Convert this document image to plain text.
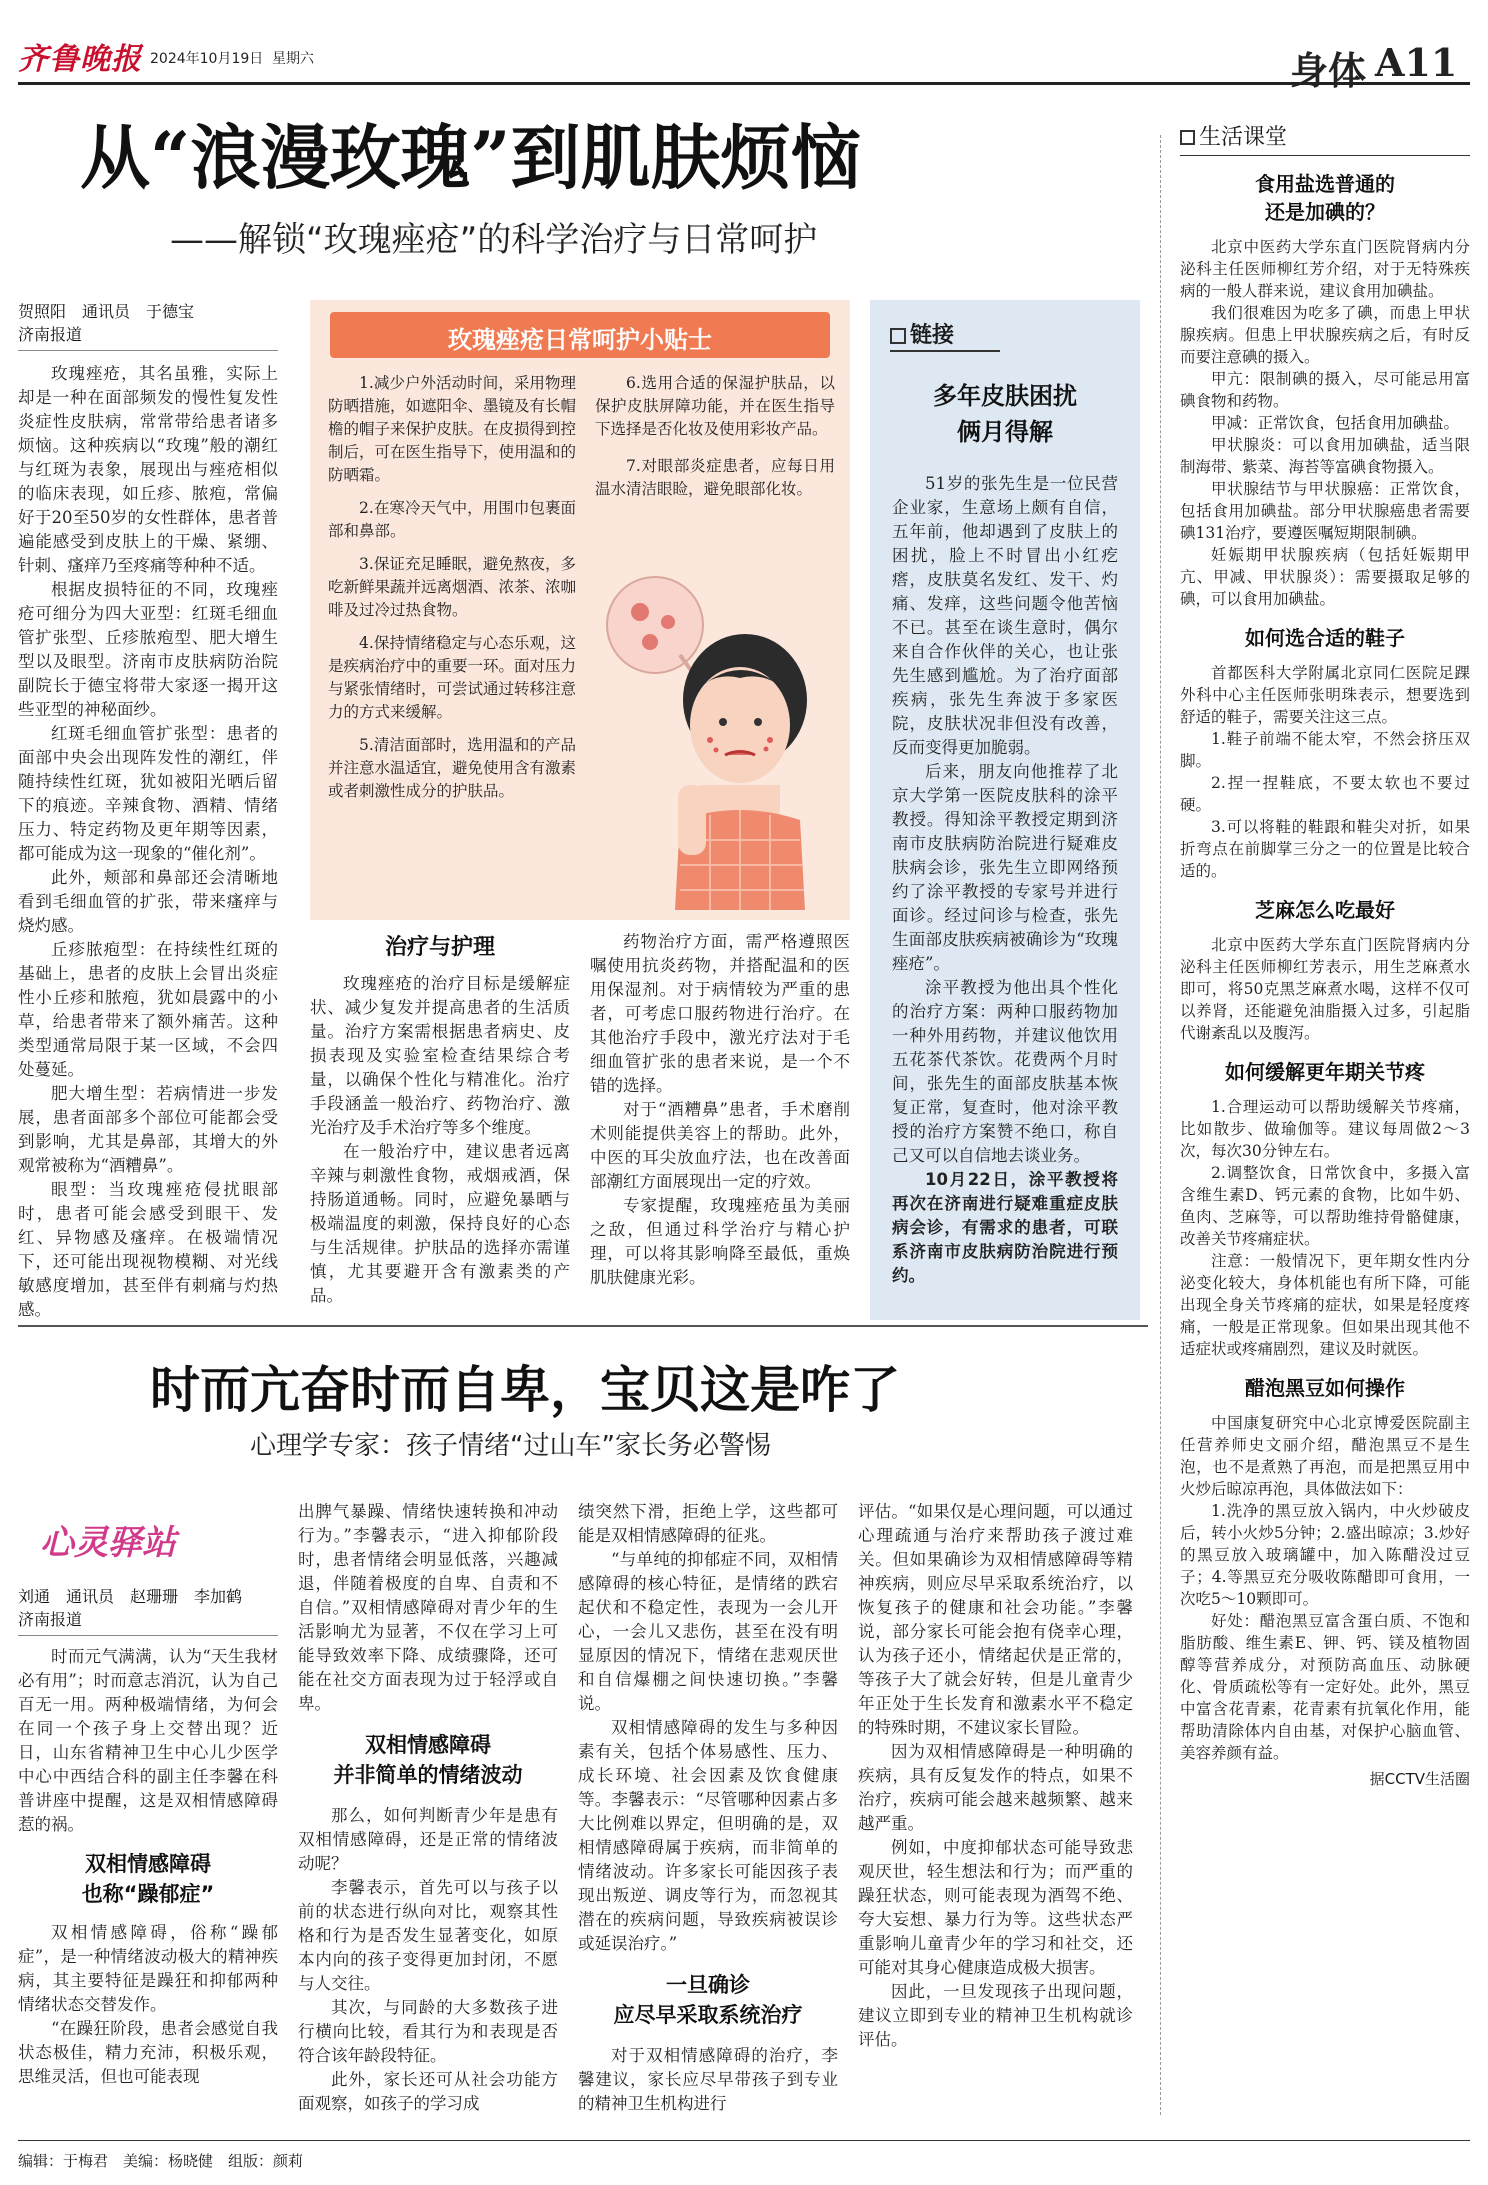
齐鲁晚报 2024年10月19日 星期六	身体 A11
从“浪漫玫瑰”到肌肤烦恼
——解锁“玫瑰痤疮”的科学治疗与日常呵护
贺照阳　通讯员　于德宝
济南报道

玫瑰痤疮，其名虽雅，实际上却是一种在面部频发的慢性复发性炎症性皮肤病，常常带给患者诸多烦恼。这种疾病以“玫瑰”般的潮红与红斑为表象，展现出与痤疮相似的临床表现，如丘疹、脓疱，常偏好于20至50岁的女性群体，患者普遍能感受到皮肤上的干燥、紧绷、针刺、瘙痒乃至疼痛等种种不适。

根据皮损特征的不同，玫瑰痤疮可细分为四大亚型：红斑毛细血管扩张型、丘疹脓疱型、肥大增生型以及眼型。济南市皮肤病防治院副院长于德宝将带大家逐一揭开这些亚型的神秘面纱。

红斑毛细血管扩张型：患者的面部中央会出现阵发性的潮红，伴随持续性红斑，犹如被阳光晒后留下的痕迹。辛辣食物、酒精、情绪压力、特定药物及更年期等因素，都可能成为这一现象的“催化剂”。

此外，颊部和鼻部还会清晰地看到毛细血管的扩张，带来瘙痒与烧灼感。

丘疹脓疱型：在持续性红斑的基础上，患者的皮肤上会冒出炎症性小丘疹和脓疱，犹如晨露中的小草，给患者带来了额外痛苦。这种类型通常局限于某一区域，不会四处蔓延。

肥大增生型：若病情进一步发展，患者面部多个部位可能都会受到影响，尤其是鼻部，其增大的外观常被称为“酒糟鼻”。

眼型：当玫瑰痤疮侵扰眼部时，患者可能会感受到眼干、发红、异物感及瘙痒。在极端情况下，还可能出现视物模糊、对光线敏感度增加，甚至伴有刺痛与灼热感。

玫瑰痤疮日常呵护小贴士

1.减少户外活动时间，采用物理防晒措施，如遮阳伞、墨镜及有长帽檐的帽子来保护皮肤。在皮损得到控制后，可在医生指导下，使用温和的防晒霜。

2.在寒冷天气中，用围巾包裹面部和鼻部。

3.保证充足睡眠，避免熬夜，多吃新鲜果蔬并远离烟酒、浓茶、浓咖啡及过冷过热食物。

4.保持情绪稳定与心态乐观，这是疾病治疗中的重要一环。面对压力与紧张情绪时，可尝试通过转移注意力的方式来缓解。

5.清洁面部时，选用温和的产品并注意水温适宜，避免使用含有激素或者刺激性成分的护肤品。

6.选用合适的保湿护肤品，以保护皮肤屏障功能，并在医生指导下选择是否化妆及使用彩妆产品。

7.对眼部炎症患者，应每日用温水清洁眼睑，避免眼部化妆。

治疗与护理

玫瑰痤疮的治疗目标是缓解症状、减少复发并提高患者的生活质量。治疗方案需根据患者病史、皮损表现及实验室检查结果综合考量，以确保个性化与精准化。治疗手段涵盖一般治疗、药物治疗、激光治疗及手术治疗等多个维度。

在一般治疗中，建议患者远离辛辣与刺激性食物，戒烟戒酒，保持肠道通畅。同时，应避免暴晒与极端温度的刺激，保持良好的心态与生活规律。护肤品的选择亦需谨慎，尤其要避开含有激素类的产品。

药物治疗方面，需严格遵照医嘱使用抗炎药物，并搭配温和的医用保湿剂。对于病情较为严重的患者，可考虑口服药物进行治疗。在其他治疗手段中，激光疗法对于毛细血管扩张的患者来说，是一个不错的选择。

对于“酒糟鼻”患者，手术磨削术则能提供美容上的帮助。此外，中医的耳尖放血疗法，也在改善面部潮红方面展现出一定的疗效。

专家提醒，玫瑰痤疮虽为美丽之敌，但通过科学治疗与精心护理，可以将其影响降至最低，重焕肌肤健康光彩。

链接
多年皮肤困扰
俩月得解

51岁的张先生是一位民营企业家，生意场上颇有自信，五年前，他却遇到了皮肤上的困扰，脸上不时冒出小红疙瘩，皮肤莫名发红、发干、灼痛、发痒，这些问题令他苦恼不已。甚至在谈生意时，偶尔来自合作伙伴的关心，也让张先生感到尴尬。为了治疗面部疾病，张先生奔波于多家医院，皮肤状况非但没有改善，反而变得更加脆弱。

后来，朋友向他推荐了北京大学第一医院皮肤科的涂平教授。得知涂平教授定期到济南市皮肤病防治院进行疑难皮肤病会诊，张先生立即网络预约了涂平教授的专家号并进行面诊。经过问诊与检查，张先生面部皮肤疾病被确诊为“玫瑰痤疮”。

涂平教授为他出具个性化的治疗方案：两种口服药物加一种外用药物，并建议他饮用五花茶代茶饮。花费两个月时间，张先生的面部皮肤基本恢复正常，复查时，他对涂平教授的治疗方案赞不绝口，称自己又可以自信地去谈业务。

10月22日，涂平教授将再次在济南进行疑难重症皮肤病会诊，有需求的患者，可联系济南市皮肤病防治院进行预约。

时而亢奋时而自卑，宝贝这是咋了
心理学专家：孩子情绪“过山车”家长务必警惕
心灵驿站
刘通　通讯员　赵珊珊　李加鹤
济南报道

时而元气满满，认为“天生我材必有用”；时而意志消沉，认为自己百无一用。两种极端情绪，为何会在同一个孩子身上交替出现？近日，山东省精神卫生中心儿少医学中心中西结合科的副主任李馨在科普讲座中提醒，这是双相情感障碍惹的祸。

双相情感障碍
也称“躁郁症”

双相情感障碍，俗称“躁郁症”，是一种情绪波动极大的精神疾病，其主要特征是躁狂和抑郁两种情绪状态交替发作。

“在躁狂阶段，患者会感觉自我状态极佳，精力充沛，积极乐观，思维灵活，但也可能表现

出脾气暴躁、情绪快速转换和冲动行为。”李馨表示，“进入抑郁阶段时，患者情绪会明显低落，兴趣减退，伴随着极度的自卑、自责和不自信。”双相情感障碍对青少年的生活影响尤为显著，不仅在学习上可能导致效率下降、成绩骤降，还可能在社交方面表现为过于轻浮或自卑。

双相情感障碍
并非简单的情绪波动

那么，如何判断青少年是患有双相情感障碍，还是正常的情绪波动呢？

李馨表示，首先可以与孩子以前的状态进行纵向对比，观察其性格和行为是否发生显著变化，如原本内向的孩子变得更加封闭，不愿与人交往。

其次，与同龄的大多数孩子进行横向比较，看其行为和表现是否符合该年龄段特征。

此外，家长还可从社会功能方面观察，如孩子的学习成

绩突然下滑，拒绝上学，这些都可能是双相情感障碍的征兆。

“与单纯的抑郁症不同，双相情感障碍的核心特征，是情绪的跌宕起伏和不稳定性，表现为一会儿开心，一会儿又悲伤，甚至在没有明显原因的情况下，情绪在悲观厌世和自信爆棚之间快速切换。”李馨说。

双相情感障碍的发生与多种因素有关，包括个体易感性、压力、成长环境、社会因素及饮食健康等。李馨表示：“尽管哪种因素占多大比例难以界定，但明确的是，双相情感障碍属于疾病，而非简单的情绪波动。许多家长可能因孩子表现出叛逆、调皮等行为，而忽视其潜在的疾病问题，导致疾病被误诊或延误治疗。”

一旦确诊
应尽早采取系统治疗

对于双相情感障碍的治疗，李馨建议，家长应尽早带孩子到专业的精神卫生机构进行

评估。“如果仅是心理问题，可以通过心理疏通与治疗来帮助孩子渡过难关。但如果确诊为双相情感障碍等精神疾病，则应尽早采取系统治疗，以恢复孩子的健康和社会功能。”李馨说，部分家长可能会抱有侥幸心理，认为孩子还小，情绪起伏是正常的，等孩子大了就会好转，但是儿童青少年正处于生长发育和激素水平不稳定的特殊时期，不建议家长冒险。

因为双相情感障碍是一种明确的疾病，具有反复发作的特点，如果不治疗，疾病可能会越来越频繁、越来越严重。

例如，中度抑郁状态可能导致悲观厌世，轻生想法和行为；而严重的躁狂状态，则可能表现为酒驾不绝、夸大妄想、暴力行为等。这些状态严重影响儿童青少年的学习和社交，还可能对其身心健康造成极大损害。

因此，一旦发现孩子出现问题，建议立即到专业的精神卫生机构就诊评估。

生活课堂
食用盐选普通的
还是加碘的？

北京中医药大学东直门医院肾病内分泌科主任医师柳红芳介绍，对于无特殊疾病的一般人群来说，建议食用加碘盐。

我们很难因为吃多了碘，而患上甲状腺疾病。但患上甲状腺疾病之后，有时反而要注意碘的摄入。

甲亢：限制碘的摄入，尽可能忌用富碘食物和药物。

甲减：正常饮食，包括食用加碘盐。

甲状腺炎：可以食用加碘盐，适当限制海带、紫菜、海苔等富碘食物摄入。

甲状腺结节与甲状腺癌：正常饮食，包括食用加碘盐。部分甲状腺癌患者需要碘131治疗，要遵医嘱短期限制碘。

妊娠期甲状腺疾病（包括妊娠期甲亢、甲减、甲状腺炎）：需要摄取足够的碘，可以食用加碘盐。

如何选合适的鞋子

首都医科大学附属北京同仁医院足踝外科中心主任医师张明珠表示，想要选到舒适的鞋子，需要关注这三点。

1.鞋子前端不能太窄，不然会挤压双脚。

2.捏一捏鞋底，不要太软也不要过硬。

3.可以将鞋的鞋跟和鞋尖对折，如果折弯点在前脚掌三分之一的位置是比较合适的。

芝麻怎么吃最好

北京中医药大学东直门医院肾病内分泌科主任医师柳红芳表示，用生芝麻煮水即可，将50克黑芝麻煮水喝，这样不仅可以养肾，还能避免油脂摄入过多，引起脂代谢紊乱以及腹泻。

如何缓解更年期关节疼

1.合理运动可以帮助缓解关节疼痛，比如散步、做瑜伽等。建议每周做2～3次，每次30分钟左右。

2.调整饮食，日常饮食中，多摄入富含维生素D、钙元素的食物，比如牛奶、鱼肉、芝麻等，可以帮助维持骨骼健康，改善关节疼痛症状。

注意：一般情况下，更年期女性内分泌变化较大，身体机能也有所下降，可能出现全身关节疼痛的症状，如果是轻度疼痛，一般是正常现象。但如果出现其他不适症状或疼痛剧烈，建议及时就医。

醋泡黑豆如何操作

中国康复研究中心北京博爱医院副主任营养师史文丽介绍，醋泡黑豆不是生泡，也不是煮熟了再泡，而是把黑豆用中火炒后晾凉再泡，具体做法如下：

1.洗净的黑豆放入锅内，中火炒破皮后，转小火炒5分钟；2.盛出晾凉；3.炒好的黑豆放入玻璃罐中，加入陈醋没过豆子；4.等黑豆充分吸收陈醋即可食用，一次吃5～10颗即可。

好处：醋泡黑豆富含蛋白质、不饱和脂肪酸、维生素E、钾、钙、镁及植物固醇等营养成分，对预防高血压、动脉硬化、骨质疏松等有一定好处。此外，黑豆中富含花青素，花青素有抗氧化作用，能帮助清除体内自由基，对保护心脑血管、美容养颜有益。

据CCTV生活圈
编辑：于梅君　美编：杨晓健　组版：颜莉
